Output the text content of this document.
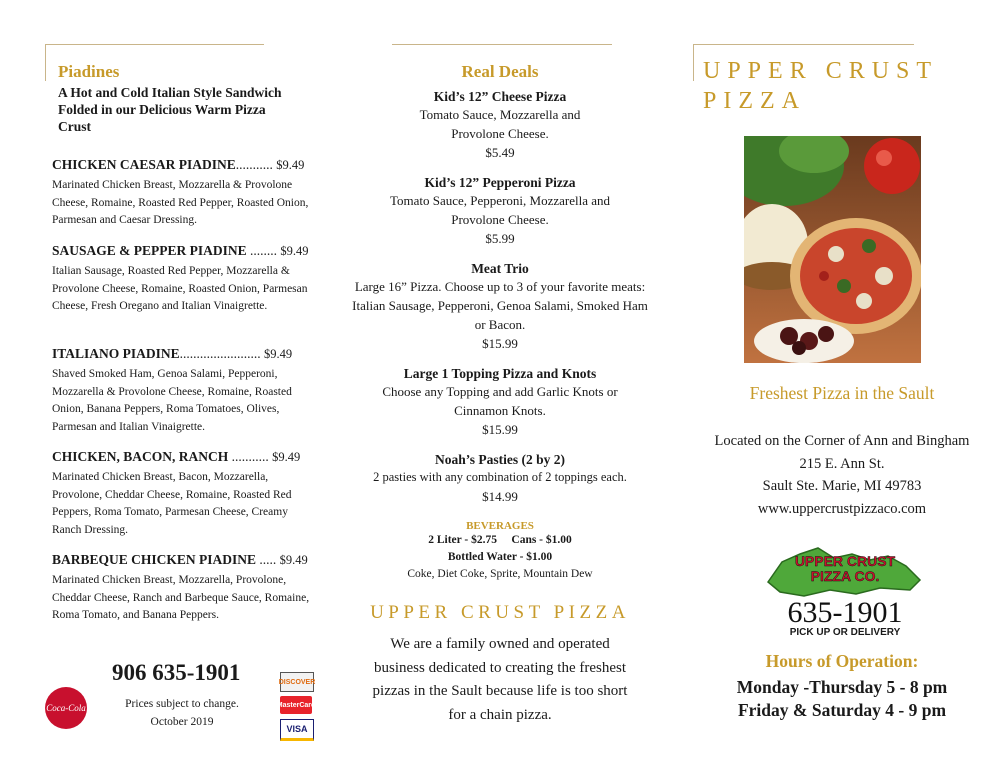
Piadines
A Hot and Cold Italian Style Sandwich Folded in our Delicious Warm Pizza Crust
CHICKEN CAESAR PIADINE........... $9.49
Marinated Chicken Breast, Mozzarella & Provolone Cheese, Romaine, Roasted Red Pepper, Roasted Onion, Parmesan and Caesar Dressing.
SAUSAGE & PEPPER PIADINE ........ $9.49
Italian Sausage, Roasted Red Pepper, Mozzarella & Provolone Cheese, Romaine, Roasted Onion, Parmesan Cheese, Fresh Oregano and Italian Vinaigrette.
ITALIANO PIADINE........................ $9.49
Shaved Smoked Ham, Genoa Salami, Pepperoni, Mozzarella & Provolone Cheese, Romaine, Roasted Onion, Banana Peppers, Roma Tomatoes, Olives, Parmesan and Italian Vinaigrette.
CHICKEN, BACON, RANCH ........... $9.49
Marinated Chicken Breast, Bacon, Mozzarella, Provolone, Cheddar Cheese, Romaine, Roasted Red Peppers, Roma Tomato, Parmesan Cheese, Creamy Ranch Dressing.
BARBEQUE CHICKEN PIADINE ..... $9.49
Marinated Chicken Breast, Mozzarella, Provolone, Cheddar Cheese, Ranch and Barbeque Sauce, Romaine, Roma Tomato, and Banana Peppers.
Coca-Cola
906 635-1901
Prices subject to change.
October 2019
DISCOVER
MasterCard
VISA
Real Deals
Kid’s 12” Cheese Pizza
Tomato Sauce, Mozzarella and Provolone Cheese.
$5.49
Kid’s 12” Pepperoni Pizza
Tomato Sauce, Pepperoni, Mozzarella and Provolone Cheese.
$5.99
Meat Trio
Large 16” Pizza. Choose up to 3 of your favorite meats: Italian Sausage, Pepperoni, Genoa Salami, Smoked Ham or Bacon.
$15.99
Large 1 Topping Pizza and Knots
Choose any Topping and add Garlic Knots or Cinnamon Knots.
$15.99
Noah’s Pasties (2 by 2)
2 pasties with any combination of 2 toppings each.
$14.99
BEVERAGES
2 Liter - $2.75     Cans - $1.00
Bottled Water - $1.00
Coke, Diet Coke, Sprite, Mountain Dew
UPPER CRUST PIZZA
We are a family owned and operated business dedicated to creating the freshest pizzas in the Sault because life is too short for a chain pizza.
UPPER CRUST
PIZZA
Freshest Pizza in the Sault
Located on the Corner of Ann and Bingham
215 E. Ann St.
Sault Ste. Marie, MI 49783
www.uppercrustpizzaco.com
UPPER CRUST
PIZZA CO.
635-1901
PICK UP OR DELIVERY
Hours of Operation:
Monday -Thursday 5 - 8 pm
Friday & Saturday 4 - 9 pm
